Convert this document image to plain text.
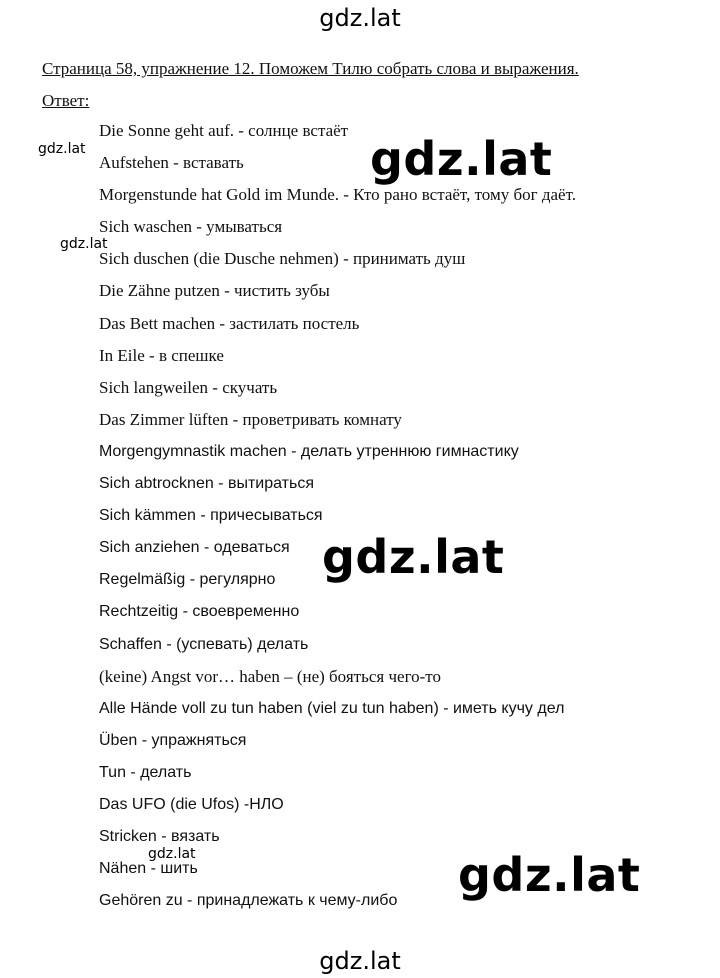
gdz.lat
Страница 58, упражнение 12. Поможем Тилю собрать слова и выражения.
Ответ:
Die Sonne geht auf. - солнце встаёт
Aufstehen - вставать
Morgenstunde hat Gold im Munde. - Кто рано встаёт, тому бог даёт.
Sich waschen - умываться
Sich duschen (die Dusche nehmen) - принимать душ
Die Zähne putzen - чистить зубы
Das Bett machen - застилать постель
In Eile - в спешке
Sich langweilen - скучать
Das Zimmer lüften - проветривать комнату
Morgengymnastik machen - делать утреннюю гимнастику
Sich abtrocknen - вытираться
Sich kämmen - причесываться
Sich anziehen - одеваться
Regelmäßig - регулярно
Rechtzeitig - своевременно
Schaffen - (успевать) делать
(keine) Angst vor… haben – (не) бояться чего-то
Alle Hände voll zu tun haben (viel zu tun haben) - иметь кучу дел
Üben - упражняться
Tun - делать
Das UFO (die Ufos) -НЛО
Stricken - вязать
Nähen - шить
Gehören zu - принадлежать к чему-либо
gdz.lat
gdz.lat
gdz.lat
gdz.lat
gdz.lat	gdz.lat
gdz.lat
